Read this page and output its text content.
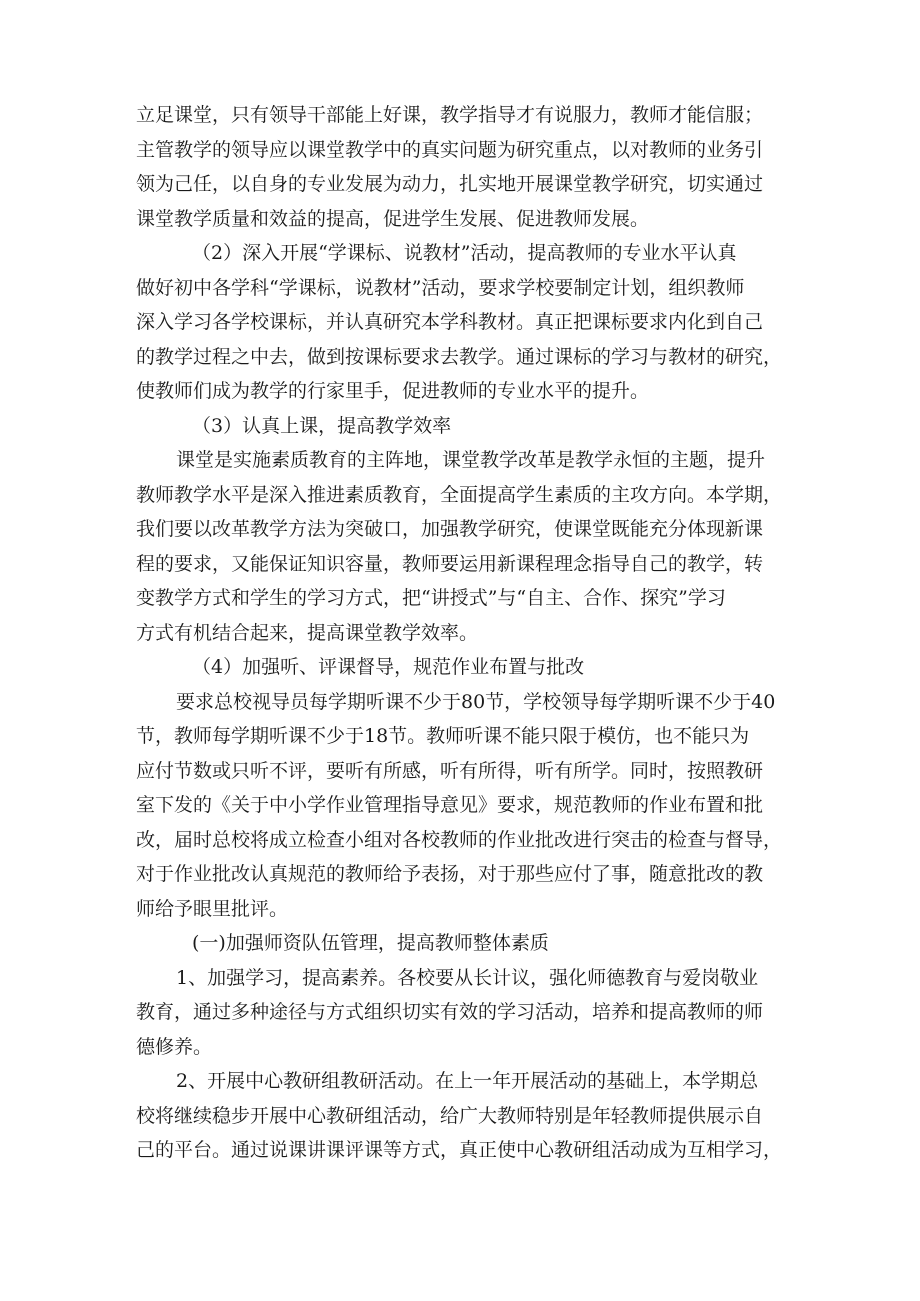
立足课堂，只有领导干部能上好课，教学指导才有说服力，教师才能信服；
主管教学的领导应以课堂教学中的真实问题为研究重点，以对教师的业务引
领为己任，以自身的专业发展为动力，扎实地开展课堂教学研究，切实通过
课堂教学质量和效益的提高，促进学生发展、促进教师发展。
（2）深入开展“学课标、说教材”活动，提高教师的专业水平认真
做好初中各学科“学课标，说教材”活动，要求学校要制定计划，组织教师
深入学习各学校课标，并认真研究本学科教材。真正把课标要求内化到自己
的教学过程之中去，做到按课标要求去教学。通过课标的学习与教材的研究，
使教师们成为教学的行家里手，促进教师的专业水平的提升。
（3）认真上课，提高教学效率
课堂是实施素质教育的主阵地，课堂教学改革是教学永恒的主题，提升
教师教学水平是深入推进素质教育，全面提高学生素质的主攻方向。本学期，
我们要以改革教学方法为突破口，加强教学研究，使课堂既能充分体现新课
程的要求，又能保证知识容量，教师要运用新课程理念指导自己的教学，转
变教学方式和学生的学习方式，把“讲授式”与“自主、合作、探究”学习
方式有机结合起来，提高课堂教学效率。
（4）加强听、评课督导，规范作业布置与批改
要求总校视导员每学期听课不少于80节，学校领导每学期听课不少于40
节，教师每学期听课不少于18节。教师听课不能只限于模仿，也不能只为
应付节数或只听不评，要听有所感，听有所得，听有所学。同时，按照教研
室下发的《关于中小学作业管理指导意见》要求，规范教师的作业布置和批
改，届时总校将成立检查小组对各校教师的作业批改进行突击的检查与督导，
对于作业批改认真规范的教师给予表扬，对于那些应付了事，随意批改的教
师给予眼里批评。
(一)加强师资队伍管理，提高教师整体素质
1、加强学习，提高素养。各校要从长计议，强化师德教育与爱岗敬业
教育，通过多种途径与方式组织切实有效的学习活动，培养和提高教师的师
德修养。
2、开展中心教研组教研活动。在上一年开展活动的基础上，本学期总
校将继续稳步开展中心教研组活动，给广大教师特别是年轻教师提供展示自
己的平台。通过说课讲课评课等方式，真正使中心教研组活动成为互相学习，
